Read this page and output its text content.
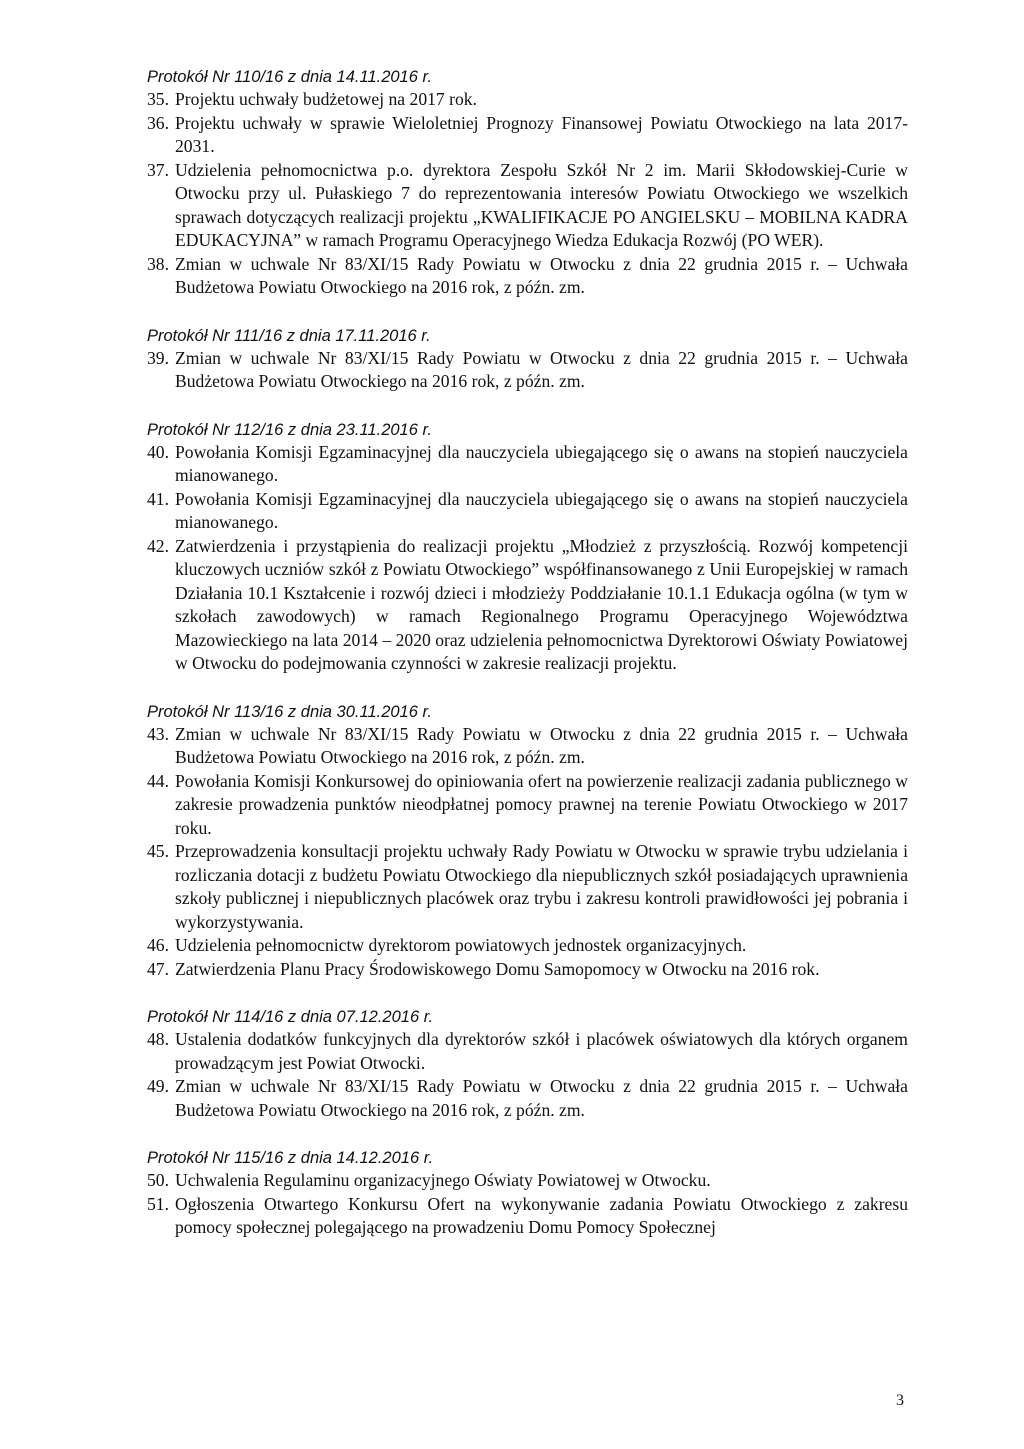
Protokół Nr 110/16 z dnia 14.11.2016 r.
35. Projektu uchwały budżetowej na 2017 rok.
36. Projektu uchwały w sprawie Wieloletniej Prognozy Finansowej Powiatu Otwockiego na lata 2017-2031.
37. Udzielenia pełnomocnictwa p.o. dyrektora Zespołu Szkół Nr 2 im. Marii Skłodowskiej-Curie w Otwocku przy ul. Pułaskiego 7 do reprezentowania interesów Powiatu Otwockiego we wszelkich sprawach dotyczących realizacji projektu „KWALIFIKACJE PO ANGIELSKU – MOBILNA KADRA EDUKACYJNA” w ramach Programu Operacyjnego Wiedza Edukacja Rozwój (PO WER).
38. Zmian w uchwale Nr 83/XI/15 Rady Powiatu w Otwocku z dnia 22 grudnia 2015 r. – Uchwała Budżetowa Powiatu Otwockiego na 2016 rok, z późn. zm.
Protokół Nr 111/16 z dnia 17.11.2016 r.
39. Zmian w uchwale Nr 83/XI/15 Rady Powiatu w Otwocku z dnia 22 grudnia 2015 r. – Uchwała Budżetowa Powiatu Otwockiego na 2016 rok, z późn. zm.
Protokół Nr 112/16 z dnia 23.11.2016 r.
40. Powołania Komisji Egzaminacyjnej dla nauczyciela ubiegającego się o awans na stopień nauczyciela mianowanego.
41. Powołania Komisji Egzaminacyjnej dla nauczyciela ubiegającego się o awans na stopień nauczyciela mianowanego.
42. Zatwierdzenia i przystąpienia do realizacji projektu „Młodzież z przyszłością. Rozwój kompetencji kluczowych uczniów szkół z Powiatu Otwockiego” współfinansowanego z Unii Europejskiej w ramach Działania 10.1 Kształcenie i rozwój dzieci i młodzieży Poddziałanie 10.1.1 Edukacja ogólna (w tym w szkołach zawodowych) w ramach Regionalnego Programu Operacyjnego Województwa Mazowieckiego na lata 2014 – 2020 oraz udzielenia pełnomocnictwa Dyrektorowi Oświaty Powiatowej w Otwocku do podejmowania czynności w zakresie realizacji projektu.
Protokół Nr 113/16 z dnia 30.11.2016 r.
43. Zmian w uchwale Nr 83/XI/15 Rady Powiatu w Otwocku z dnia 22 grudnia 2015 r. – Uchwała Budżetowa Powiatu Otwockiego na 2016 rok, z późn. zm.
44. Powołania Komisji Konkursowej do opiniowania ofert na powierzenie realizacji zadania publicznego w zakresie prowadzenia punktów nieodpłatnej pomocy prawnej na terenie Powiatu Otwockiego w 2017 roku.
45. Przeprowadzenia konsultacji projektu uchwały Rady Powiatu w Otwocku w sprawie trybu udzielania i rozliczania dotacji z budżetu Powiatu Otwockiego dla niepublicznych szkół posiadających uprawnienia szkoły publicznej i niepublicznych placówek oraz trybu i zakresu kontroli prawidłowości jej pobrania i wykorzystywania.
46. Udzielenia pełnomocnictw dyrektorom powiatowych jednostek organizacyjnych.
47. Zatwierdzenia Planu Pracy Środowiskowego Domu Samopomocy w Otwocku na 2016 rok.
Protokół Nr 114/16 z dnia 07.12.2016 r.
48. Ustalenia dodatków funkcyjnych dla dyrektorów szkół i placówek oświatowych dla których organem prowadzącym jest Powiat Otwocki.
49. Zmian w uchwale Nr 83/XI/15 Rady Powiatu w Otwocku z dnia 22 grudnia 2015 r. – Uchwała Budżetowa Powiatu Otwockiego na 2016 rok, z późn. zm.
Protokół Nr 115/16 z dnia 14.12.2016 r.
50. Uchwalenia Regulaminu organizacyjnego Oświaty Powiatowej w Otwocku.
51. Ogłoszenia Otwartego Konkursu Ofert na wykonywanie zadania Powiatu Otwockiego z zakresu pomocy społecznej polegającego na prowadzeniu Domu Pomocy Społecznej
3
